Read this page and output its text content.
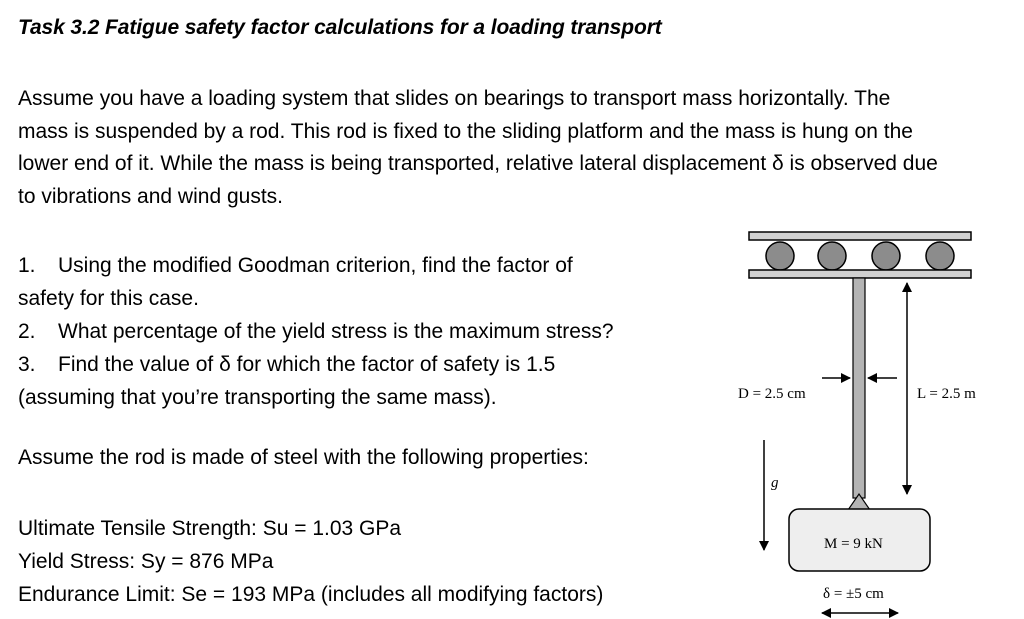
Task 3.2 Fatigue safety factor calculations for a loading transport

Assume you have a loading system that slides on bearings to transport mass horizontally. The mass is suspended by a rod. This rod is fixed to the sliding platform and the mass is hung on the lower end of it. While the mass is being transported, relative lateral displacement δ is observed due to vibrations and wind gusts.

1. Using the modified Goodman criterion, find the factor of

safety for this case.

2. What percentage of the yield stress is the maximum stress?

3. Find the value of δ for which the factor of safety is 1.5

(assuming that you’re transporting the same mass).

Assume the rod is made of steel with the following properties:

Ultimate Tensile Strength: Su = 1.03 GPa

Yield Stress: Sy = 876 MPa

Endurance Limit: Se = 193 MPa (includes all modifying factors)

D = 2.5 cm	L = 2.5 m
g
M = 9 kN
δ = ±5 cm
